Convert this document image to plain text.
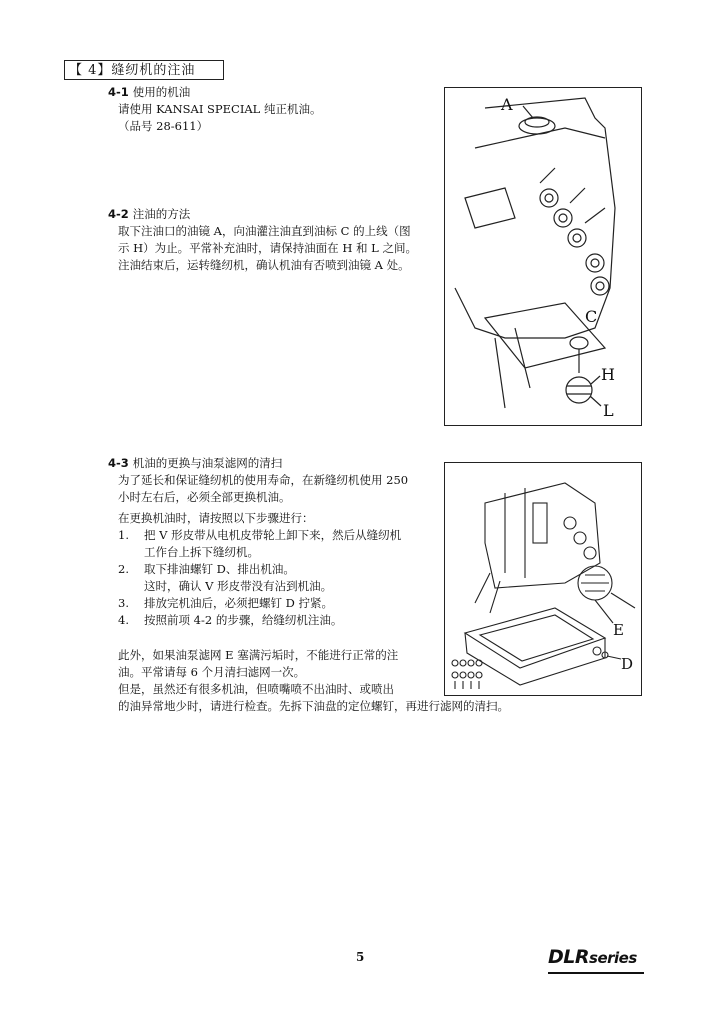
【 4】缝纫机的注油
4-1 使用的机油
请使用 KANSAI SPECIAL 纯正机油。
（品号 28-611）
4-2 注油的方法
取下注油口的油镜 A，向油灌注油直到油标 C 的上线（图
示 H）为止。平常补充油时，请保持油面在 H 和 L 之间。
注油结束后，运转缝纫机，确认机油有否喷到油镜 A 处。
A
C
H
L
4-3 机油的更换与油泵滤网的清扫
为了延长和保证缝纫机的使用寿命，在新缝纫机使用 250
小时左右后，必须全部更换机油。
在更换机油时，请按照以下步骤进行：
1.	把 V 形皮带从电机皮带轮上卸下来，然后从缝纫机
工作台上拆下缝纫机。
2.	取下排油螺钉 D、排出机油。
这时，确认 V 形皮带没有沾到机油。
3.	排放完机油后，必须把螺钉 D 拧紧。
4.	按照前项 4-2 的步骤，给缝纫机注油。
此外，如果油泵滤网 E 塞满污垢时，不能进行正常的注
油。平常请每 6 个月清扫滤网一次。
但是，虽然还有很多机油，但喷嘴喷不出油时、或喷出
的油异常地少时，请进行检查。先拆下油盘的定位螺钉，再进行滤网的清扫。
E
D
5	DLRseries
